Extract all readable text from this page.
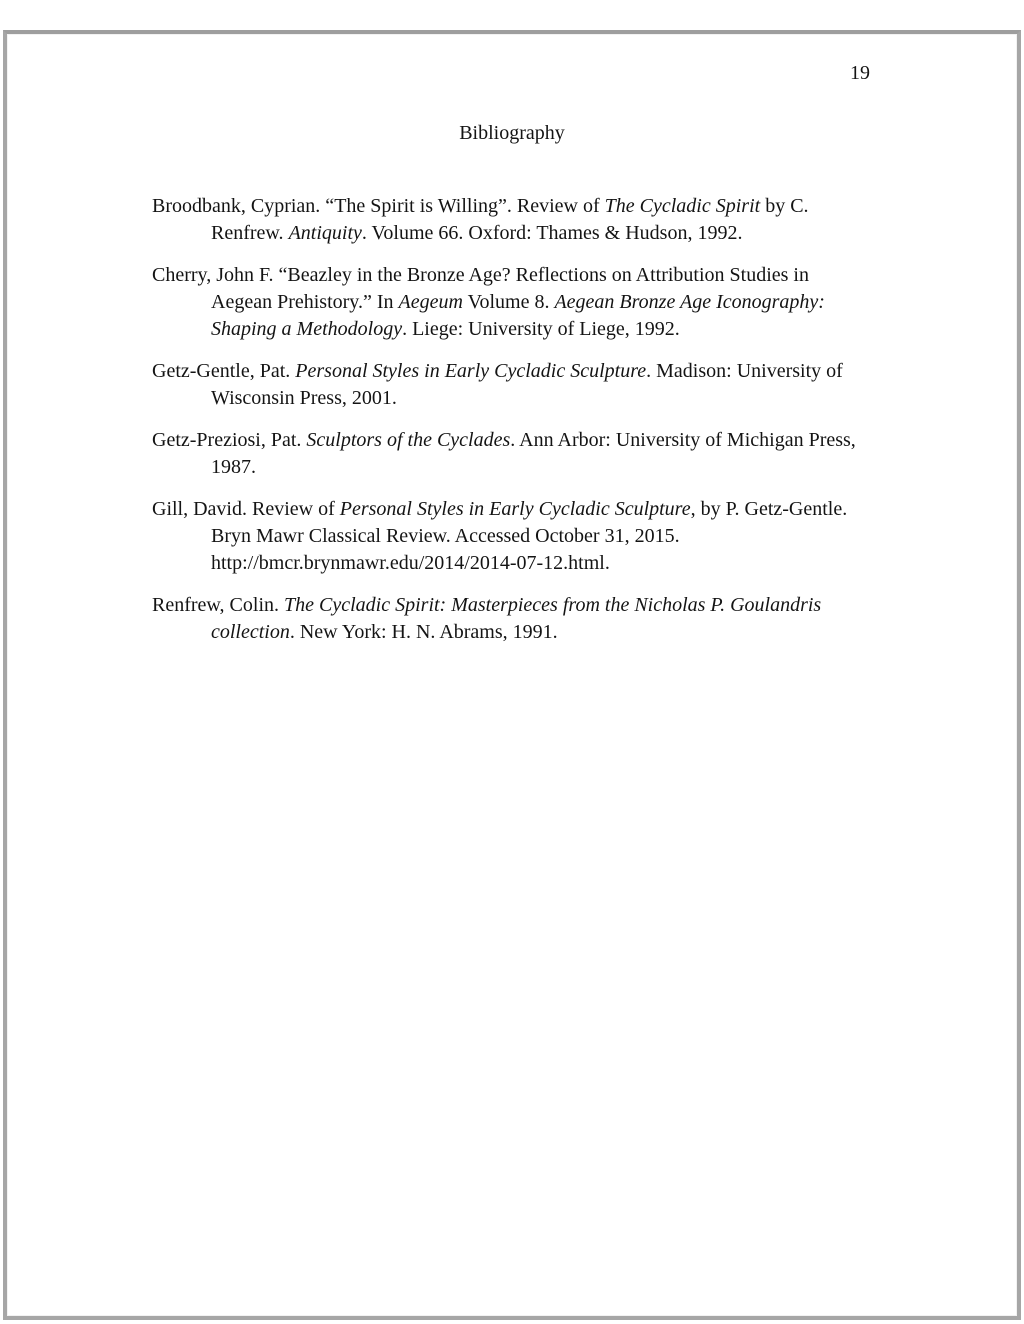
19
Bibliography
Broodbank, Cyprian. “The Spirit is Willing”. Review of The Cycladic Spirit by C.
Renfrew. Antiquity. Volume 66. Oxford: Thames & Hudson, 1992.
Cherry, John F. “Beazley in the Bronze Age? Reflections on Attribution Studies in
Aegean Prehistory.” In Aegeum Volume 8. Aegean Bronze Age Iconography:
Shaping a Methodology. Liege: University of Liege, 1992.
Getz-Gentle, Pat. Personal Styles in Early Cycladic Sculpture. Madison: University of
Wisconsin Press, 2001.
Getz-Preziosi, Pat. Sculptors of the Cyclades. Ann Arbor: University of Michigan Press,
1987.
Gill, David. Review of Personal Styles in Early Cycladic Sculpture, by P. Getz-Gentle.
Bryn Mawr Classical Review. Accessed October 31, 2015.
http://bmcr.brynmawr.edu/2014/2014-07-12.html.
Renfrew, Colin. The Cycladic Spirit: Masterpieces from the Nicholas P. Goulandris
collection. New York: H. N. Abrams, 1991.
